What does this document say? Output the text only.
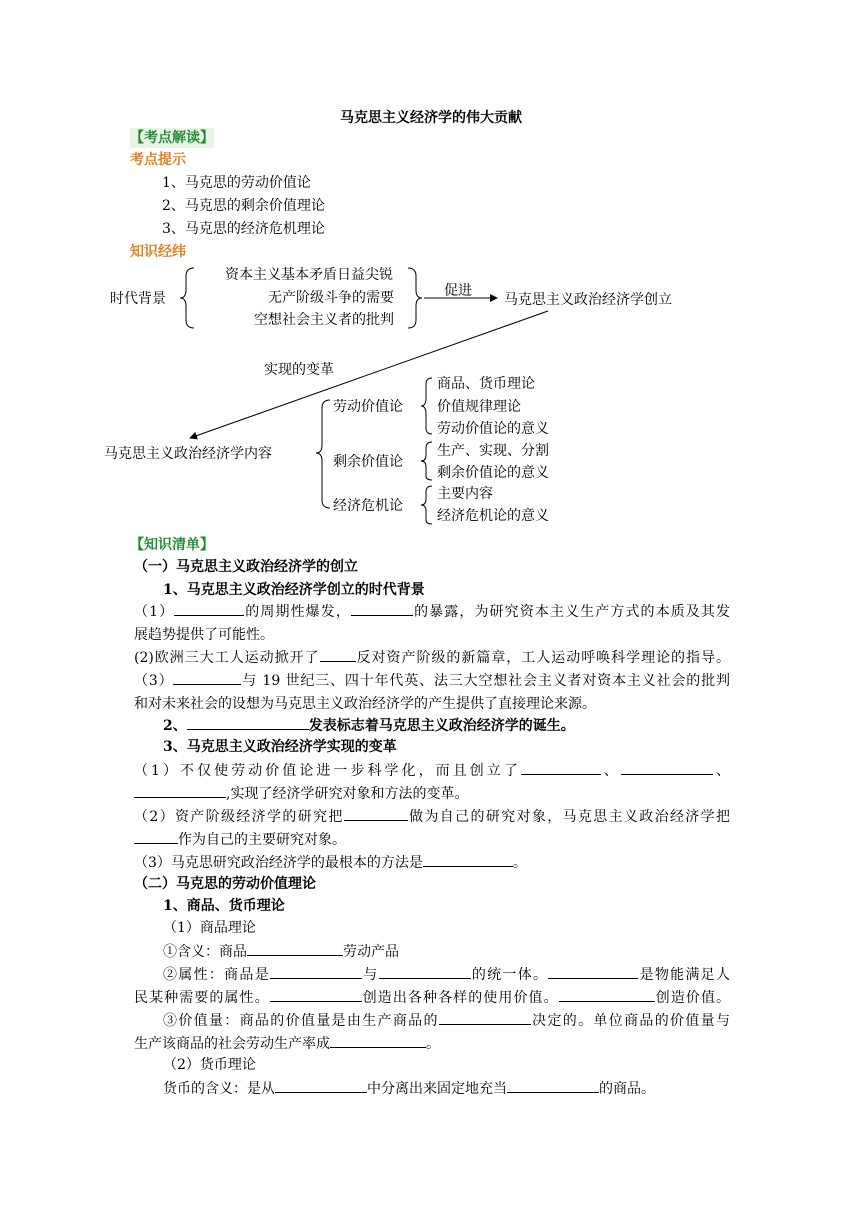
马克思主义经济学的伟大贡献
【考点解读】
考点提示
1、马克思的劳动价值论
2、马克思的剩余价值理论
3、马克思的经济危机理论
知识经纬
时代背景
资本主义基本矛盾日益尖锐
无产阶级斗争的需要
空想社会主义者的批判
促进
马克思主义政治经济学创立
实现的变革
马克思主义政治经济学内容
劳动价值论
商品、货币理论
价值规律理论
劳动价值论的意义
剩余价值论
生产、实现、分割
剩余价值论的意义
经济危机论
主要内容
经济危机论的意义
【知识清单】
（一）马克思主义政治经济学的创立
1、马克思主义政治经济学创立的时代背景
（1）	的周期性爆发，	的暴露，为研究资本主义生产方式的本质及其发
展趋势提供了可能性。
(2)欧洲三大工人运动掀开了	反对资产阶级的新篇章，工人运动呼唤科学理论的指导。
（3）	与 19 世纪三、四十年代英、法三大空想社会主义者对资本主义社会的批判
和对未来社会的设想为马克思主义政治经济学的产生提供了直接理论来源。
2、	发表标志着马克思主义政治经济学的诞生。
3、马克思主义政治经济学实现的变革
（1）不仅使劳动价值论进一步科学化，而且创立了	、	、
,实现了经济学研究对象和方法的变革。
（2）资产阶级经济学的研究把	做为自己的研究对象，马克思主义政治经济学把
作为自己的主要研究对象。
（3）马克思研究政治经济学的最根本的方法是	。
（二）马克思的劳动价值理论
1、商品、货币理论
（1）商品理论
①含义：商品	劳动产品
②属性：商品是	与	的统一体。	是物能满足人
民某种需要的属性。	创造出各种各样的使用价值。	创造价值。
③价值量：商品的价值量是由生产商品的	决定的。单位商品的价值量与
生产该商品的社会劳动生产率成	。
（2）货币理论
货币的含义：是从	中分离出来固定地充当	的商品。
